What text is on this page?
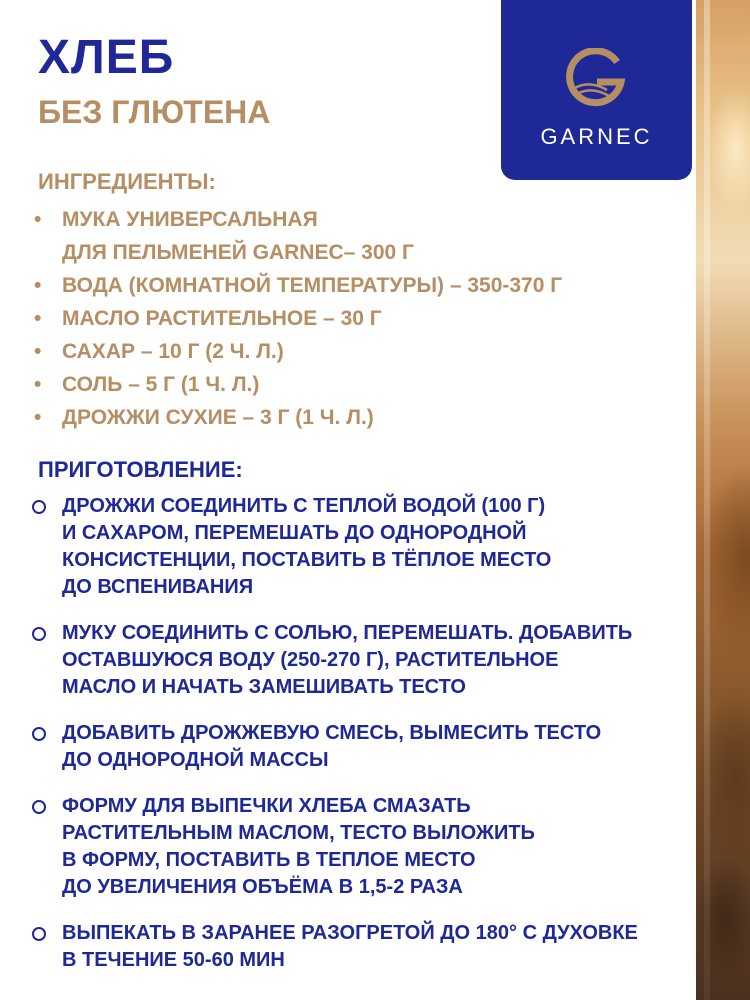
GARNEC
ХЛЕБ
БЕЗ ГЛЮТЕНА
ИНГРЕДИЕНТЫ:
• МУКА УНИВЕРСАЛЬНАЯ
ДЛЯ ПЕЛЬМЕНЕЙ GARNEC– 300 Г
• ВОДА (КОМНАТНОЙ ТЕМПЕРАТУРЫ) – 350-370 Г
• МАСЛО РАСТИТЕЛЬНОЕ – 30 Г
• САХАР – 10 Г (2 Ч. Л.)
• СОЛЬ – 5 Г (1 Ч. Л.)
• ДРОЖЖИ СУХИЕ – 3 Г (1 Ч. Л.)
ПРИГОТОВЛЕНИЕ:
ДРОЖЖИ СОЕДИНИТЬ С ТЕПЛОЙ ВОДОЙ (100 Г)
И САХАРОМ, ПЕРЕМЕШАТЬ ДО ОДНОРОДНОЙ
КОНСИСТЕНЦИИ, ПОСТАВИТЬ В ТЁПЛОЕ МЕСТО
ДО ВСПЕНИВАНИЯ
МУКУ СОЕДИНИТЬ С СОЛЬЮ, ПЕРЕМЕШАТЬ. ДОБАВИТЬ
ОСТАВШУЮСЯ ВОДУ (250-270 Г), РАСТИТЕЛЬНОЕ
МАСЛО И НАЧАТЬ ЗАМЕШИВАТЬ ТЕСТО
ДОБАВИТЬ ДРОЖЖЕВУЮ СМЕСЬ, ВЫМЕСИТЬ ТЕСТО
ДО ОДНОРОДНОЙ МАССЫ
ФОРМУ ДЛЯ ВЫПЕЧКИ ХЛЕБА СМАЗАТЬ
РАСТИТЕЛЬНЫМ МАСЛОМ, ТЕСТО ВЫЛОЖИТЬ
В ФОРМУ, ПОСТАВИТЬ В ТЕПЛОЕ МЕСТО
ДО УВЕЛИЧЕНИЯ ОБЪЁМА В 1,5-2 РАЗА
ВЫПЕКАТЬ В ЗАРАНЕЕ РАЗОГРЕТОЙ ДО 180° С ДУХОВКЕ
В ТЕЧЕНИЕ 50-60 МИН
